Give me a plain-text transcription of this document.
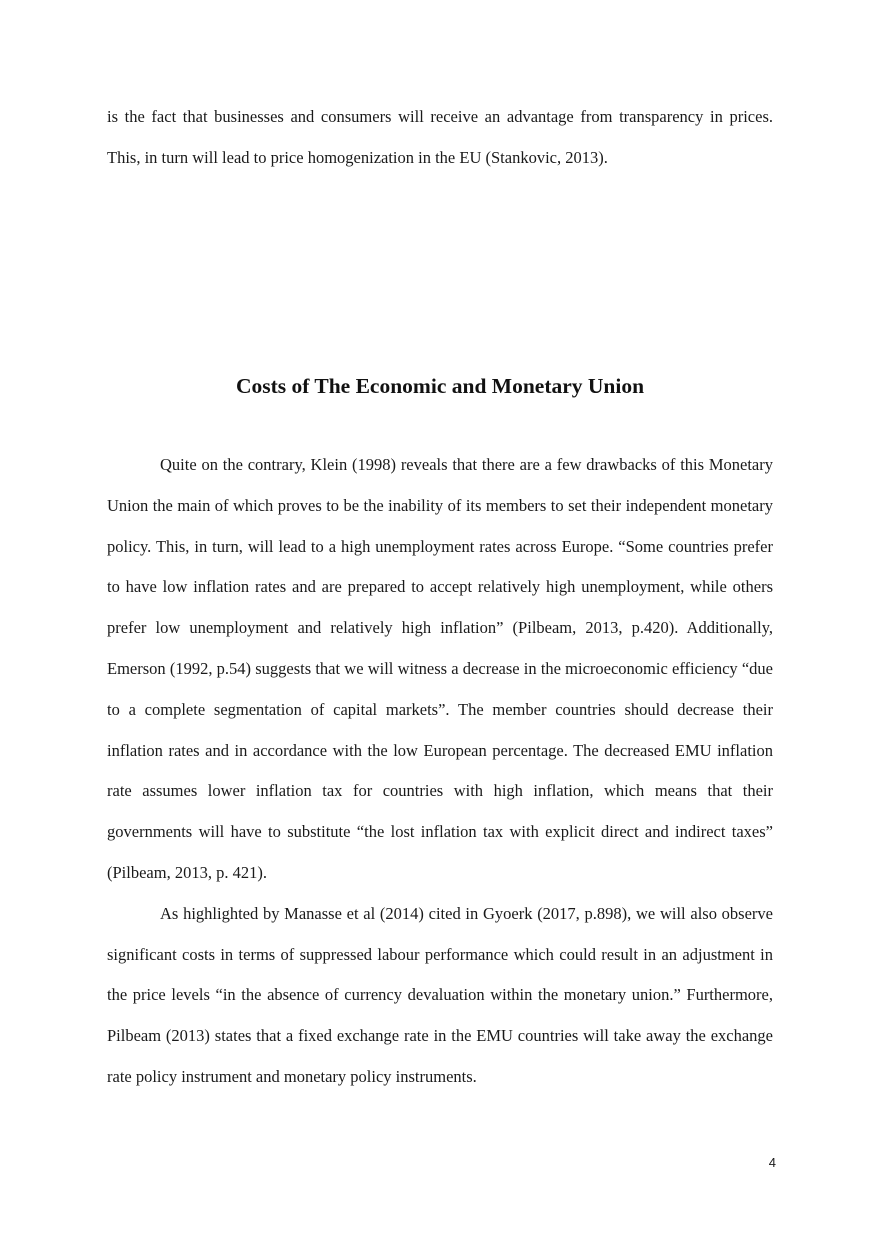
is the fact that businesses and consumers will receive an advantage from transparency in prices. This, in turn will lead to price homogenization in the EU (Stankovic, 2013).

Costs of The Economic and Monetary Union

Quite on the contrary, Klein (1998) reveals that there are a few drawbacks of this Monetary Union the main of which proves to be the inability of its members to set their independent monetary policy. This, in turn, will lead to a high unemployment rates across Europe. “Some countries prefer to have low inflation rates and are prepared to accept relatively high unemployment, while others prefer low unemployment and relatively high inflation” (Pilbeam, 2013, p.420). Additionally, Emerson (1992, p.54) suggests that we will witness a decrease in the microeconomic efficiency “due to a complete segmentation of capital markets”. The member countries should decrease their inflation rates and in accordance with the low European percentage. The decreased EMU inflation rate assumes lower inflation tax for countries with high inflation, which means that their governments will have to substitute “the lost inflation tax with explicit direct and indirect taxes” (Pilbeam, 2013, p. 421).

As highlighted by Manasse et al (2014) cited in Gyoerk (2017, p.898), we will also observe significant costs in terms of suppressed labour performance which could result in an adjustment in the price levels “in the absence of currency devaluation within the monetary union.” Furthermore, Pilbeam (2013) states that a fixed exchange rate in the EMU countries will take away the exchange rate policy instrument and monetary policy instruments.

4
